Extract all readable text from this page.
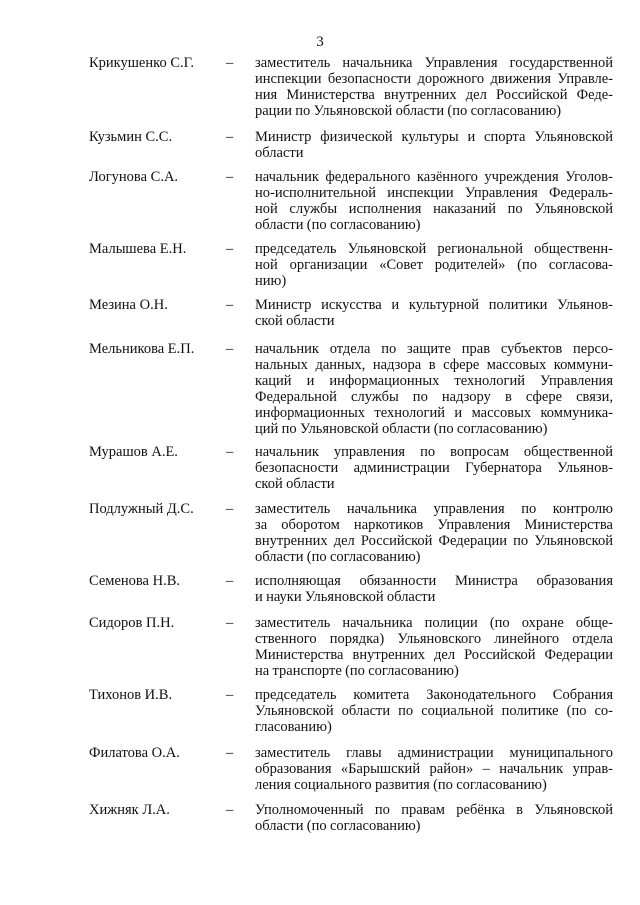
3
Крикушенко С.Г. – заместитель начальника Управления государственной
инспекции безопасности дорожного движения Управле-
ния Министерства внутренних дел Российской Феде-
рации по Ульяновской области (по согласованию)
Кузьмин С.С.	– Министр физической культуры и спорта Ульяновской
области
Логунова С.А.	– начальник федерального казённого учреждения Уголов-
но-исполнительной инспекции Управления Федераль-
ной службы исполнения наказаний по Ульяновской
области (по согласованию)
Малышева Е.Н.	– председатель Ульяновской региональной общественн-
ной организации «Совет родителей» (по согласова-
нию)
Мезина О.Н.	– Министр искусства и культурной политики Ульянов-
ской области
Мельникова Е.П. – начальник отдела по защите прав субъектов персо-
нальных данных, надзора в сфере массовых коммуни-
каций и информационных технологий Управления
Федеральной службы по надзору в сфере связи,
информационных технологий и массовых коммуника-
ций по Ульяновской области (по согласованию)
Мурашов А.Е.	– начальник управления по вопросам общественной
безопасности администрации Губернатора Ульянов-
ской области
Подлужный Д.С. – заместитель начальника управления по контролю
за оборотом наркотиков Управления Министерства
внутренних дел Российской Федерации по Ульяновской
области (по согласованию)
Семенова Н.В.	– исполняющая обязанности Министра образования
и науки Ульяновской области
Сидоров П.Н.	– заместитель начальника полиции (по охране обще-
ственного порядка) Ульяновского линейного отдела
Министерства внутренних дел Российской Федерации
на транспорте (по согласованию)
Тихонов И.В.	– председатель комитета Законодательного Собрания
Ульяновской области по социальной политике (по со-
гласованию)
Филатова О.А.	– заместитель главы администрации муниципального
образования «Барышский район» – начальник управ-
ления социального развития (по согласованию)
Хижняк Л.А.	– Уполномоченный по правам ребёнка в Ульяновской
области (по согласованию)
